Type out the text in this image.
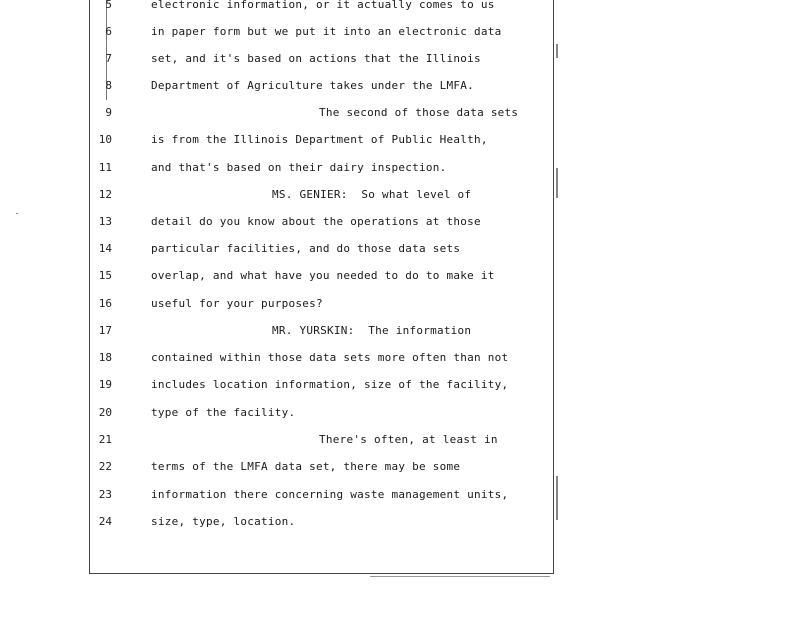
5	electronic information, or it actually comes to us
6	in paper form but we put it into an electronic data
7	set, and it's based on actions that the Illinois
8	Department of Agriculture takes under the LMFA.
9	The second of those data sets
10	is from the Illinois Department of Public Health,
11	and that's based on their dairy inspection.
12	MS. GENIER:  So what level of
13	detail do you know about the operations at those
14	particular facilities, and do those data sets
15	overlap, and what have you needed to do to make it
16	useful for your purposes?
17	MR. YURSKIN:  The information
18	contained within those data sets more often than not
19	includes location information, size of the facility,
20	type of the facility.
21	There's often, at least in
22	terms of the LMFA data set, there may be some
23	information there concerning waste management units,
24	size, type, location.
